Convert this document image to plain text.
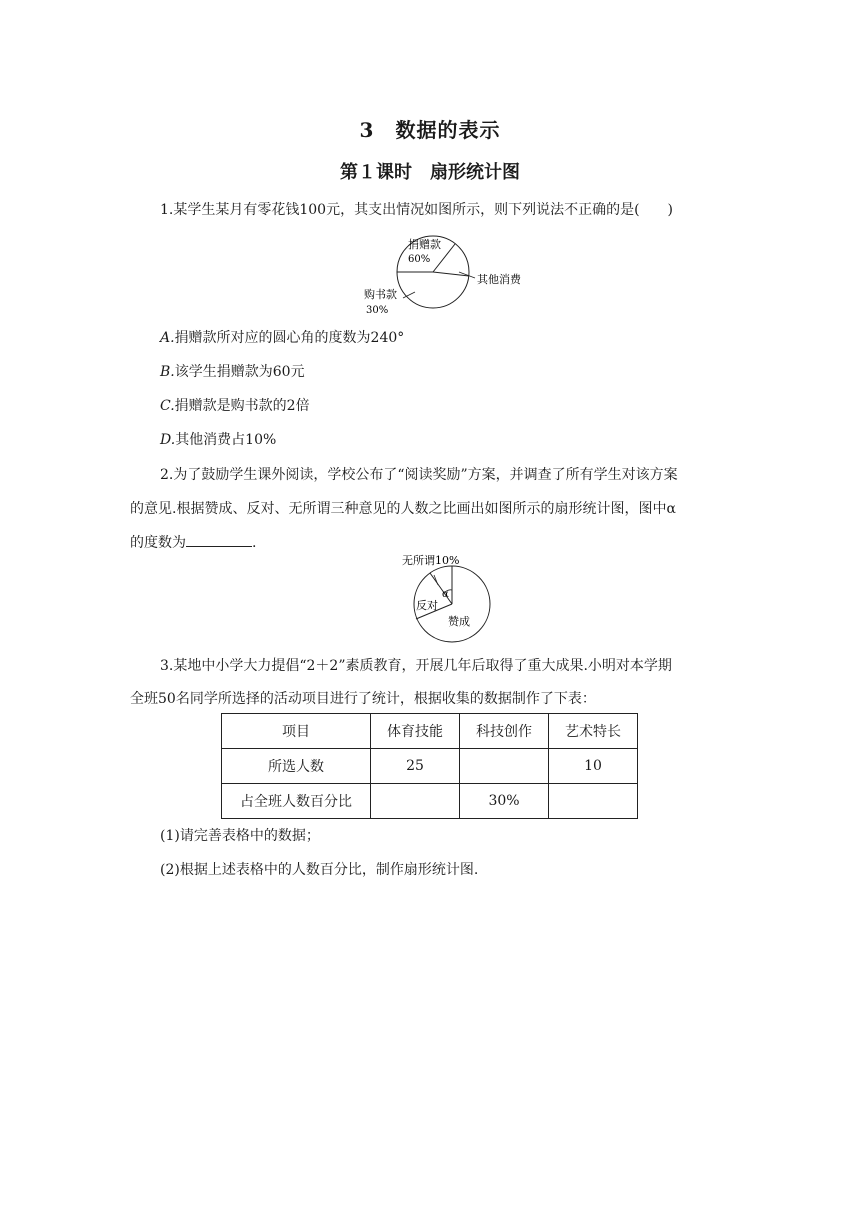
3　数据的表示
第１课时　扇形统计图
1.某学生某月有零花钱100元，其支出情况如图所示，则下列说法不正确的是(　　)
捐赠款
60%
其他消费
购书款
30%
A.捐赠款所对应的圆心角的度数为240°
B.该学生捐赠款为60元
C.捐赠款是购书款的2倍
D.其他消费占10%
2.为了鼓励学生课外阅读，学校公布了“阅读奖励”方案，并调查了所有学生对该方案
的意见.根据赞成、反对、无所谓三种意见的人数之比画出如图所示的扇形统计图，图中α
的度数为	.
无所谓10%
α
反对
赞成
3.某地中小学大力提倡“2＋2”素质教育，开展几年后取得了重大成果.小明对本学期
全班50名同学所选择的活动项目进行了统计，根据收集的数据制作了下表：
项目	体育技能	科技创作	艺术特长
所选人数	25		10
占全班人数百分比		30%	
(1)请完善表格中的数据；
(2)根据上述表格中的人数百分比，制作扇形统计图.
